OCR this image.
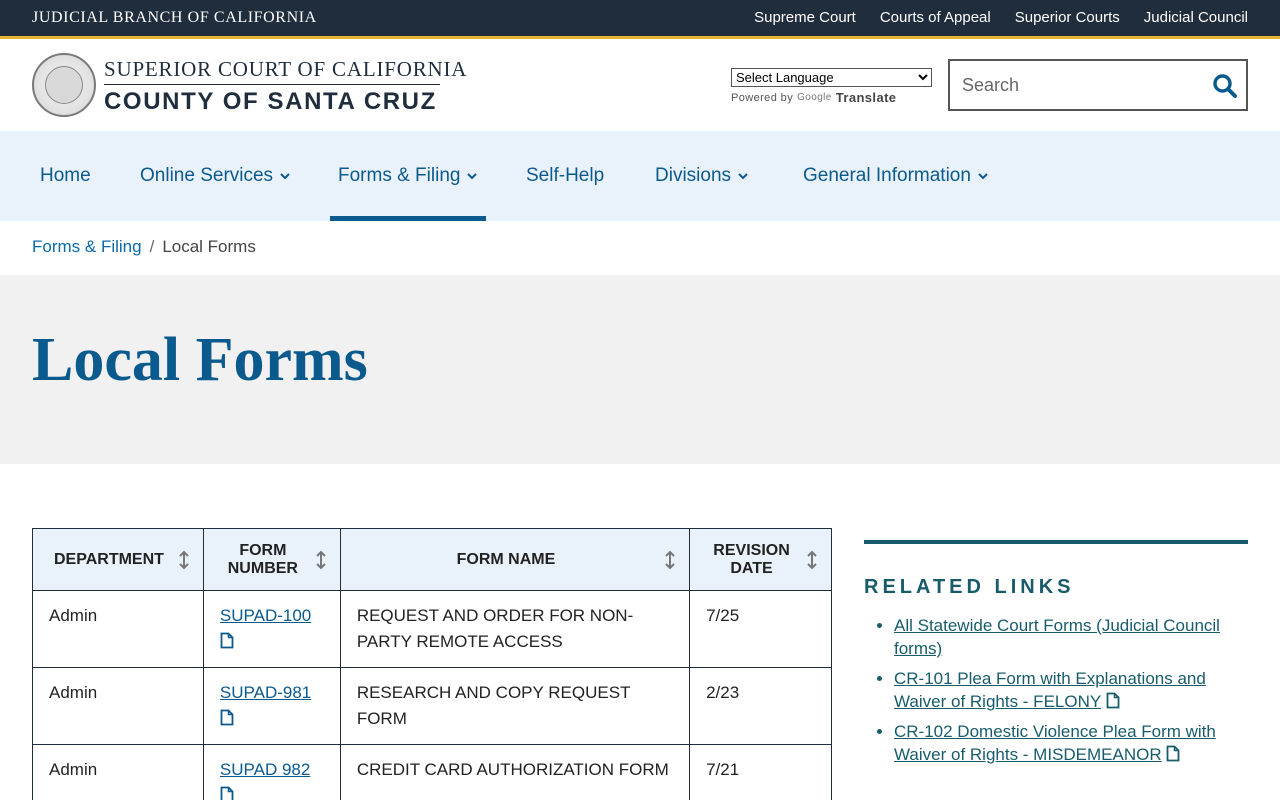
JUDICIAL BRANCH OF CALIFORNIA	Supreme Court Courts of Appeal Superior Courts Judicial Council
SUPERIOR COURT OF CALIFORNIA
COUNTY OF SANTA CRUZ
Select Language	Powered by Google Translate
Search
Home	Online Services	Forms & Filing	Self-Help	Divisions	General Information
Forms & Filing / Local Forms
Local Forms
DEPARTMENT	FORM NUMBER	FORM NAME	REVISION DATE

Admin	SUPAD-100	REQUEST AND ORDER FOR NON-PARTY REMOTE ACCESS	7/25
Admin	SUPAD-981	RESEARCH AND COPY REQUEST FORM	2/23
Admin	SUPAD 982	CREDIT CARD AUTHORIZATION FORM	7/21
RELATED LINKS
• All Statewide Court Forms (Judicial Council forms)
• CR-101 Plea Form with Explanations and Waiver of Rights - FELONY
• CR-102 Domestic Violence Plea Form with Waiver of Rights - MISDEMEANOR
